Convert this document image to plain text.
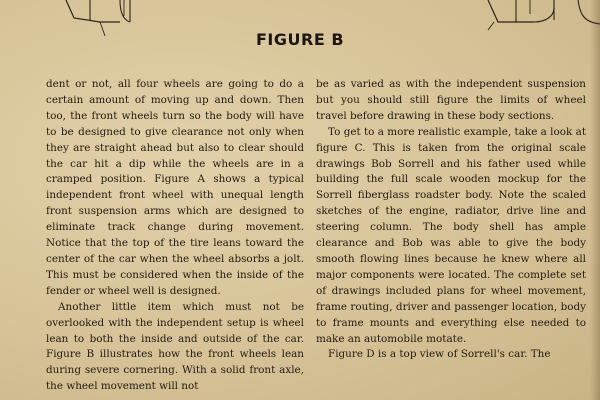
FIGURE B

dent or not, all four wheels are going to do a certain amount of moving up and down. Then too, the front wheels turn so the body will have to be designed to give clearance not only when they are straight ahead but also to clear should the car hit a dip while the wheels are in a cramped position. Figure A shows a typical independent front wheel with unequal length front suspension arms which are designed to eliminate track change during movement. Notice that the top of the tire leans toward the center of the car when the wheel absorbs a jolt. This must be considered when the inside of the fender or wheel well is designed.

Another little item which must not be overlooked with the independent setup is wheel lean to both the inside and outside of the car. Figure B illustrates how the front wheels lean during severe cornering. With a solid front axle, the wheel movement will not

be as varied as with the independent suspension but you should still figure the limits of wheel travel before drawing in these body sections.

To get to a more realistic example, take a look at figure C. This is taken from the original scale drawings Bob Sorrell and his father used while building the full scale wooden mockup for the Sorrell fiberglass roadster body. Note the scaled sketches of the engine, radiator, drive line and steering column. The body shell has ample clearance and Bob was able to give the body smooth flowing lines because he knew where all major components were located. The complete set of drawings included plans for wheel movement, frame routing, driver and passenger location, body to frame mounts and everything else needed to make an automobile motate.

Figure D is a top view of Sorrell's car. The
